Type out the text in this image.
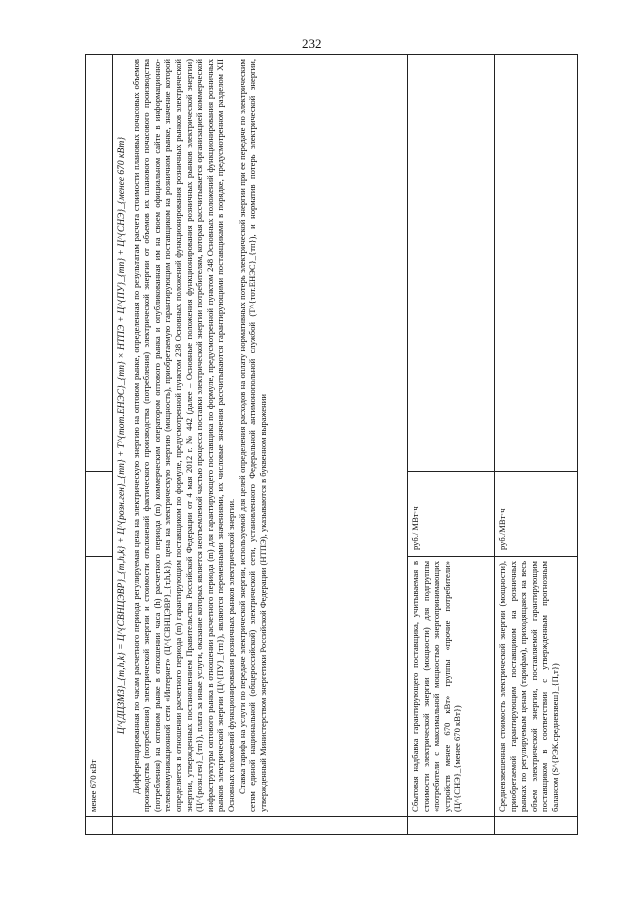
232
	менее 670 кВт		

	Ц^{ДЦЗМЗ}_{т,h,k} = Ц^{СВНЦЭВР}_{т,h,k} + Ц^{розн.ген}_{тп} + T^{тот.ЕНЭС}_{тп} × НТПЭ + Ц^{ПУ}_{тп} + Ц^{СНЭ}_{менее 670 кВт} Дифференцированная по часам расчетного периода регулируемая цена на электрическую энергию на оптовом рынке, определенная по результатам расчета стоимости плановых почасовых объемов производства (потребления) электрической энергии и стоимости отклонений фактического производства (потребления) электрической энергии от объемов их планового почасового производства (потребления) на оптовом рынке в отношении часа (h) расчетного периода (m) коммерческим оператором оптового рынка и опубликованная им на своем официальном сайте в информационно-телекоммуникационной сети «Интернет» (Ц^{СВНЦЭВР}_{т,h,k}), цена на электрическую энергию (мощность), приобретаемую гарантирующим поставщиком на розничном рынке, значение которой определяется в отношении расчетного периода (m) гарантирующим поставщиком по формуле, предусмотренной пунктом 238 Основных положений функционирования розничных рынков электрической энергии, утвержденных постановлением Правительства Российской Федерации от 4 мая 2012 г. № 442 (далее – Основные положения функционирования розничных рынков электрической энергии) (Ц^{розн.ген}_{тп}), плата за иные услуги, оказание которых является неотъемлемой частью процесса поставки электрической энергии потребителям, которая рассчитывается организацией коммерческой инфраструктуры оптового рынка в отношении расчетного периода (m) для гарантирующего поставщика по формуле, предусмотренной пунктом 248 Основных положений функционирования розничных рынков электрической энергии (Ц^{ПУ}_{тп}), являются переменными значениями, их числовые значения рассчитываются гарантирующими поставщиками в порядке, предусмотренном разделом XII Основных положений функционирования розничных рынков электрической энергии. Ставка тарифа на услуги по передаче электрической энергии, используемой для целей определения расходов на оплату нормативных потерь электрической энергии при ее передаче по электрическим сетям единой национальной (общероссийской) электрической сети, установленного Федеральной антимонопольной службой (T^{тот.ЕНЭС}_{тп}), и норматив потерь электрической энергии, утвержденный Министерством энергетики Российской Федерации (НТПЭ), указываются в буквенном выражении		

	Сбытовая надбавка гарантирующего поставщика, учитываемая в стоимости электрической энергии (мощности) для подгруппы «потребители с максимальной мощностью энергопринимающих устройств менее 670 кВт» группы «прочие потребители» (Ц^{СНЭ}_{менее 670 кВт})	руб./ МВт·ч	
	Средневзвешенная стоимость электрической энергии (мощности), приобретаемой гарантирующим поставщиком на розничных рынках по регулируемым ценам (тарифам), приходящаяся на весь объем электрической энергии, поставляемой гарантирующим поставщиком в соответствии с утвержденным прогнозным балансом (S^{РЭК.средневзвеш}_{П,т})	руб./МВт·ч	
